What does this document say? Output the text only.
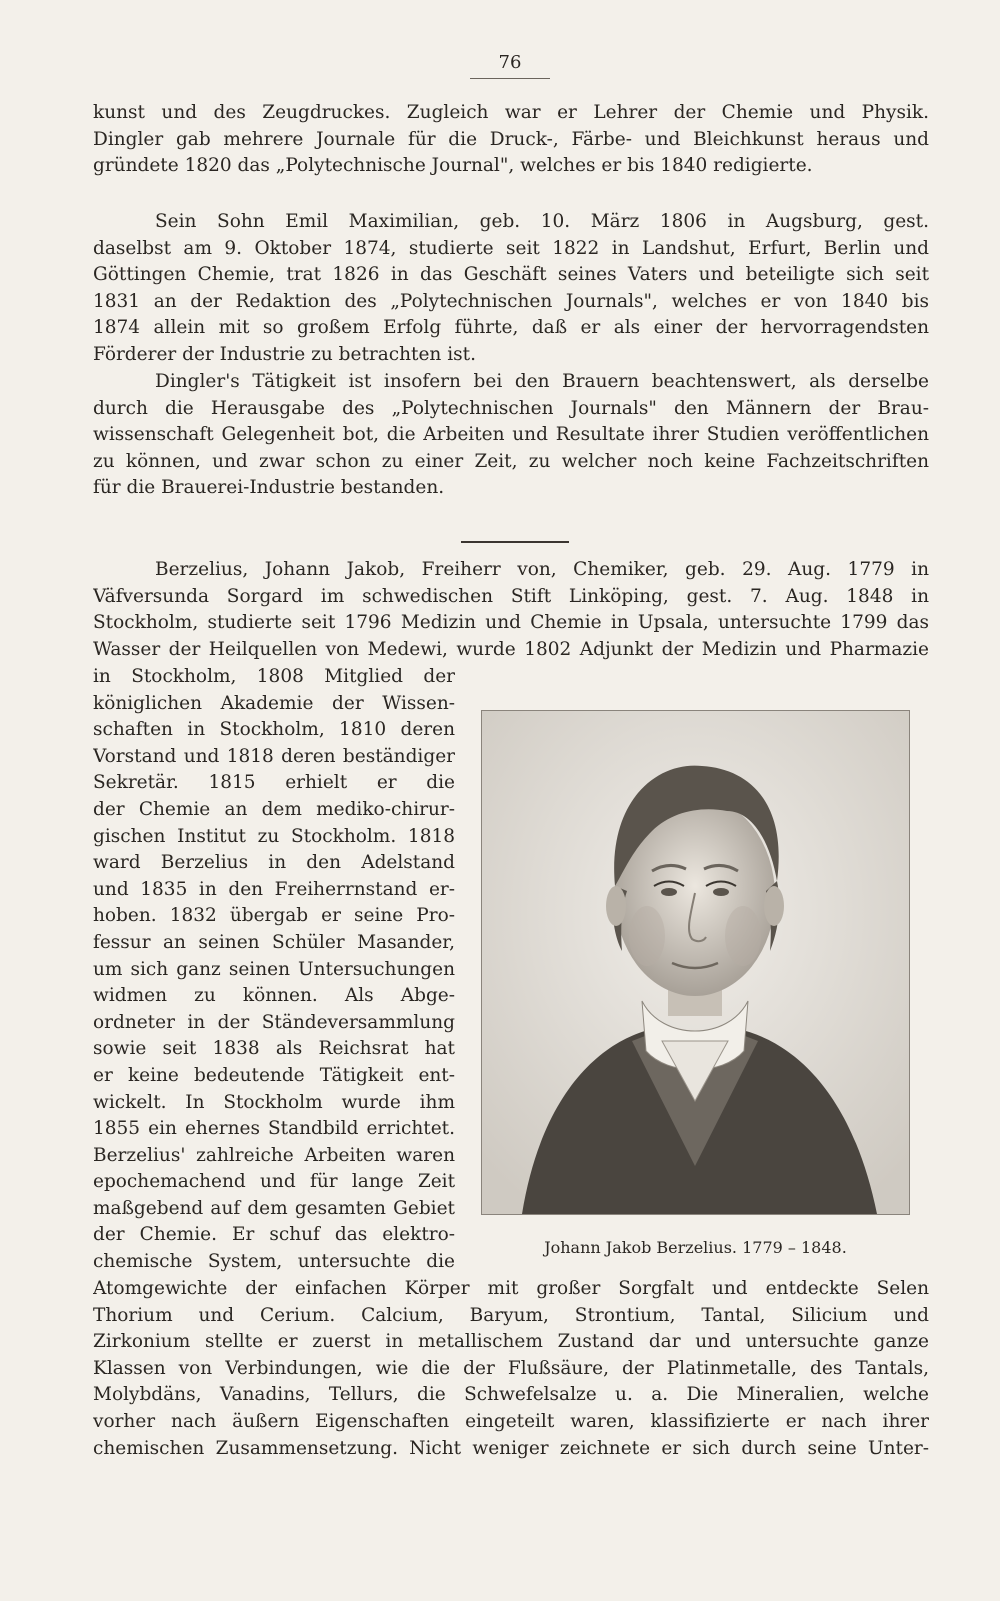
76
kunst und des Zeugdruckes. Zugleich war er Lehrer der Chemie und Physik.
Dingler gab mehrere Journale für die Druck-, Färbe- und Bleichkunst heraus und
gründete 1820 das „Polytechnische Journal", welches er bis 1840 redigierte.
Sein Sohn Emil Maximilian, geb. 10. März 1806 in Augsburg, gest.
daselbst am 9. Oktober 1874, studierte seit 1822 in Landshut, Erfurt, Berlin und
Göttingen Chemie, trat 1826 in das Geschäft seines Vaters und beteiligte sich seit
1831 an der Redaktion des „Polytechnischen Journals", welches er von 1840 bis
1874 allein mit so großem Erfolg führte, daß er als einer der hervorragendsten
Förderer der Industrie zu betrachten ist.
Dingler's Tätigkeit ist insofern bei den Brauern beachtenswert, als derselbe
durch die Herausgabe des „Polytechnischen Journals" den Männern der Brau-
wissenschaft Gelegenheit bot, die Arbeiten und Resultate ihrer Studien veröffentlichen
zu können, und zwar schon zu einer Zeit, zu welcher noch keine Fachzeitschriften
für die Brauerei-Industrie bestanden.
Berzelius, Johann Jakob, Freiherr von, Chemiker, geb. 29. Aug. 1779 in
Väfversunda Sorgard im schwedischen Stift Linköping, gest. 7. Aug. 1848 in
Stockholm, studierte seit 1796 Medizin und Chemie in Upsala, untersuchte 1799 das
Wasser der Heilquellen von Medewi, wurde 1802 Adjunkt der Medizin und Pharmazie
in Stockholm, 1808 Mitglied der
königlichen Akademie der Wissen-
schaften in Stockholm, 1810 deren
Vorstand und 1818 deren beständiger
Sekretär. 1815 erhielt er die
der Chemie an dem mediko-chirur-
gischen Institut zu Stockholm. 1818
ward Berzelius in den Adelstand
und 1835 in den Freiherrnstand er-
hoben. 1832 übergab er seine Pro-
fessur an seinen Schüler Masander,
um sich ganz seinen Untersuchungen
widmen zu können. Als Abge-
ordneter in der Ständeversammlung
sowie seit 1838 als Reichsrat hat
er keine bedeutende Tätigkeit ent-
wickelt. In Stockholm wurde ihm
1855 ein ehernes Standbild errichtet.
Berzelius' zahlreiche Arbeiten waren
epochemachend und für lange Zeit
maßgebend auf dem gesamten Gebiet
der Chemie. Er schuf das elektro-
chemische System, untersuchte die
Atomgewichte der einfachen Körper mit großer Sorgfalt und entdeckte Selen
Thorium und Cerium. Calcium, Baryum, Strontium, Tantal, Silicium und
Zirkonium stellte er zuerst in metallischem Zustand dar und untersuchte ganze
Klassen von Verbindungen, wie die der Flußsäure, der Platinmetalle, des Tantals,
Molybdäns, Vanadins, Tellurs, die Schwefelsalze u. a. Die Mineralien, welche
vorher nach äußern Eigenschaften eingeteilt waren, klassifizierte er nach ihrer
chemischen Zusammensetzung. Nicht weniger zeichnete er sich durch seine Unter-
Johann Jakob Berzelius. 1779 – 1848.
